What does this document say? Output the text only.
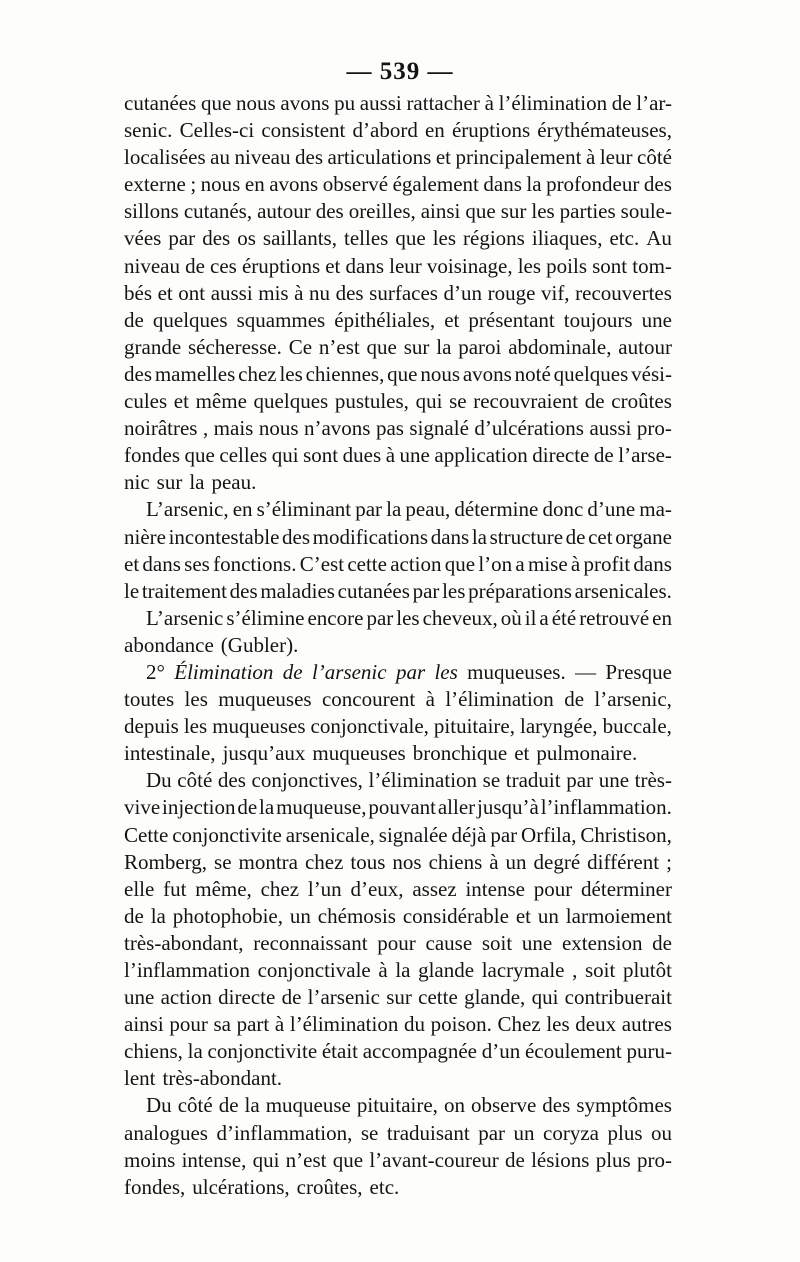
— 539 —
cutanées que nous avons pu aussi rattacher à l’élimination de l’ar-
senic. Celles-ci consistent d’abord en éruptions érythémateuses,
localisées au niveau des articulations et principalement à leur côté
externe ; nous en avons observé également dans la profondeur des
sillons cutanés, autour des oreilles, ainsi que sur les parties soule-
vées par des os saillants, telles que les régions iliaques, etc. Au
niveau de ces éruptions et dans leur voisinage, les poils sont tom-
bés et ont aussi mis à nu des surfaces d’un rouge vif, recouvertes
de quelques squammes épithéliales, et présentant toujours une
grande sécheresse. Ce n’est que sur la paroi abdominale, autour
des mamelles chez les chiennes, que nous avons noté quelques vési-
cules et même quelques pustules, qui se recouvraient de croûtes
noirâtres , mais nous n’avons pas signalé d’ulcérations aussi pro-
fondes que celles qui sont dues à une application directe de l’arse-
nic sur la peau.
L’arsenic, en s’éliminant par la peau, détermine donc d’une ma-
nière incontestable des modifications dans la structure de cet organe
et dans ses fonctions. C’est cette action que l’on a mise à profit dans
le traitement des maladies cutanées par les préparations arsenicales.
L’arsenic s’élimine encore par les cheveux, où il a été retrouvé en
abondance (Gubler).
2° Élimination de l’arsenic par les muqueuses. — Presque
toutes les muqueuses concourent à l’élimination de l’arsenic,
depuis les muqueuses conjonctivale, pituitaire, laryngée, buccale,
intestinale, jusqu’aux muqueuses bronchique et pulmonaire.
Du côté des conjonctives, l’élimination se traduit par une très-
vive injection de la muqueuse, pouvant aller jusqu’à l’inflammation.
Cette conjonctivite arsenicale, signalée déjà par Orfila, Christison,
Romberg, se montra chez tous nos chiens à un degré différent ;
elle fut même, chez l’un d’eux, assez intense pour déterminer
de la photophobie, un chémosis considérable et un larmoiement
très-abondant, reconnaissant pour cause soit une extension de
l’inflammation conjonctivale à la glande lacrymale , soit plutôt
une action directe de l’arsenic sur cette glande, qui contribuerait
ainsi pour sa part à l’élimination du poison. Chez les deux autres
chiens, la conjonctivite était accompagnée d’un écoulement puru-
lent très-abondant.
Du côté de la muqueuse pituitaire, on observe des symptômes
analogues d’inflammation, se traduisant par un coryza plus ou
moins intense, qui n’est que l’avant-coureur de lésions plus pro-
fondes, ulcérations, croûtes, etc.
